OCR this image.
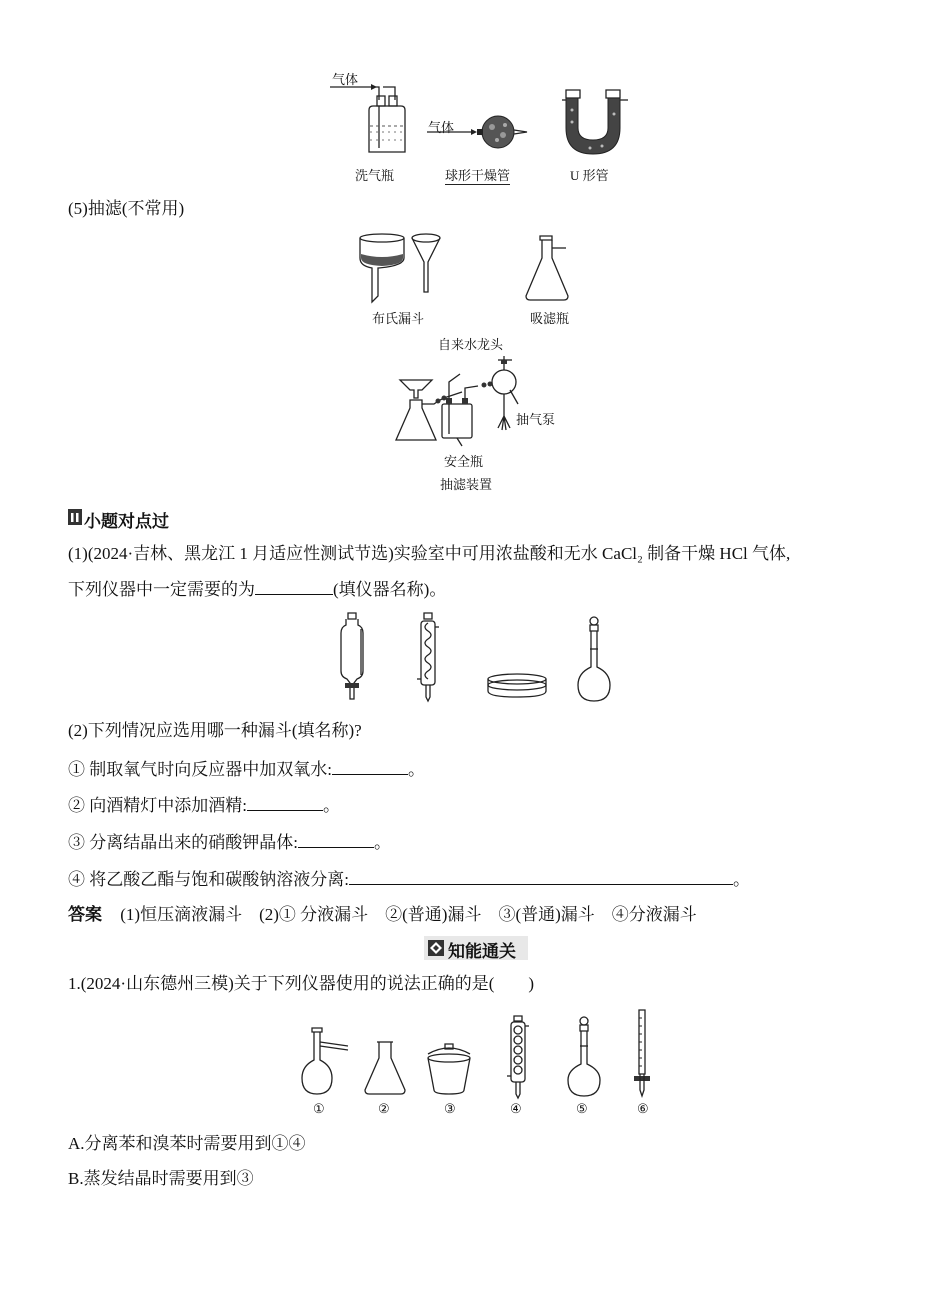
气体
洗气瓶
气体
球形干燥管	U 形管
(5)抽滤(不常用)
布氏漏斗	吸滤瓶
自来水龙头
抽气泵
安全瓶
抽滤装置
小题对点过
(1)(2024·吉林、黑龙江 1 月适应性测试节选)实验室中可用浓盐酸和无水 CaCl₂ 制备干燥 HCl 气体,
下列仪器中一定需要的为	(填仪器名称)。
(2)下列情况应选用哪一种漏斗(填名称)?
① 制取氧气时向反应器中加双氧水:	。
② 向酒精灯中添加酒精:	。
③ 分离结晶出来的硝酸钾晶体:	。
④ 将乙酸乙酯与饱和碳酸钠溶液分离:	。
答案 (1)恒压滴液漏斗　(2)① 分液漏斗　②(普通)漏斗　③(普通)漏斗　④分液漏斗
知能通关
1.(2024·山东德州三模)关于下列仪器使用的说法正确的是(　　)
①	②	③	④	⑤	⑥
A.分离苯和溴苯时需要用到①④
B.蒸发结晶时需要用到③
